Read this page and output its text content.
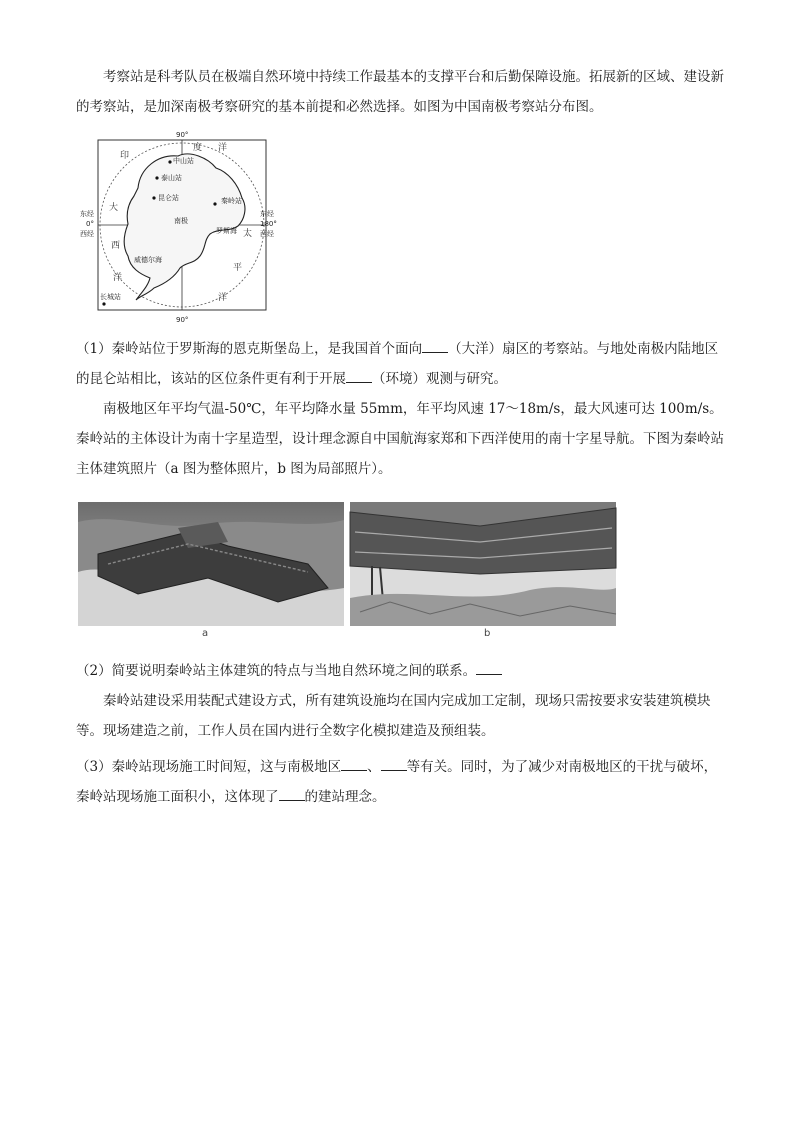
考察站是科考队员在极端自然环境中持续工作最基本的支撑平台和后勤保障设施。拓展新的区域、建设新的考察站，是加深南极考察研究的基本前提和必然选择。如图为中国南极考察站分布图。

90°
90°
东经
0°
西经
东经
180°
西经
印
度 洋
大
西
洋
太
平
洋
中山站
泰山站
昆仑站	秦岭站
长城站
南极
罗斯海
威德尔海

（1）秦岭站位于罗斯海的恩克斯堡岛上，是我国首个面向 （大洋）扇区的考察站。与地处南极内陆地区的昆仑站相比，该站的区位条件更有利于开展 （环境）观测与研究。

南极地区年平均气温-50℃，年平均降水量 55mm，年平均风速 17～18m/s，最大风速可达 100m/s。秦岭站的主体设计为南十字星造型，设计理念源自中国航海家郑和下西洋使用的南十字星导航。下图为秦岭站主体建筑照片（a 图为整体照片，b 图为局部照片）。

a	b

（2）简要说明秦岭站主体建筑的特点与当地自然环境之间的联系。

秦岭站建设采用装配式建设方式，所有建筑设施均在国内完成加工定制，现场只需按要求安装建筑模块等。现场建造之前，工作人员在国内进行全数字化模拟建造及预组装。

（3）秦岭站现场施工时间短，这与南极地区 、 等有关。同时，为了减少对南极地区的干扰与破坏，秦岭站现场施工面积小，这体现了 的建站理念。
